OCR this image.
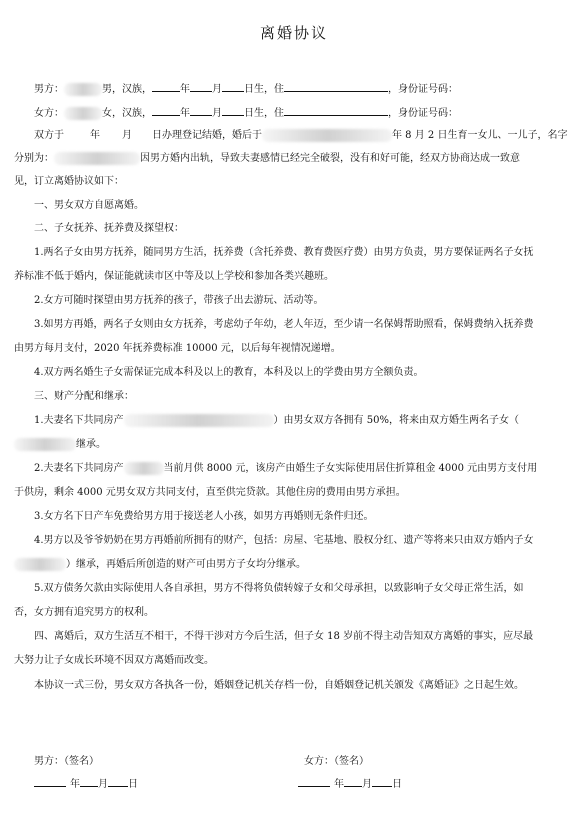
离婚协议
男方：	男，汉族，	年 月 日生，住	，身份证号码：
女方：	女，汉族，	年 月 日生，住	，身份证号码：
双方于	年 月 日办理登记结婚，婚后于	年 8 月 2 日生育一女儿、一儿子，名字
分别为：	因男方婚内出轨，导致夫妻感情已经完全破裂，没有和好可能，经双方协商达成一致意
见，订立离婚协议如下：
一、男女双方自愿离婚。
二、子女抚养、抚养费及探望权：
1.两名子女由男方抚养，随同男方生活，抚养费（含托养费、教育费医疗费）由男方负责，男方要保证两名子女抚
养标准不低于婚内，保证能就读市区中等及以上学校和参加各类兴趣班。
2.女方可随时探望由男方抚养的孩子，带孩子出去游玩、活动等。
3.如男方再婚，两名子女则由女方抚养，考虑幼子年幼，老人年迈，至少请一名保姆帮助照看，保姆费纳入抚养费
由男方每月支付，2020 年抚养费标准 10000 元，以后每年视情况递增。
4.双方两名婚生子女需保证完成本科及以上的教育，本科及以上的学费由男方全额负责。
三、财产分配和继承：
1.夫妻名下共同房产	）由男女双方各拥有 50%，将来由双方婚生两名子女（
继承。
2.夫妻名下共同房产	当前月供 8000 元，该房产由婚生子女实际使用居住折算租金 4000 元由男方支付用
于供房，剩余 4000 元男女双方共同支付，直至供完贷款。其他住房的费用由男方承担。
3.女方名下日产车免费给男方用于接送老人小孩，如男方再婚则无条件归还。
4.男方以及爷爷奶奶在男方再婚前所拥有的财产，包括：房屋、宅基地、股权分红、遗产等将来只由双方婚内子女
）继承，再婚后所创造的财产可由男方子女均分继承。
5.双方债务欠款由实际使用人各自承担，男方不得将负债转嫁子女和父母承担，以致影响子女父母正常生活，如
否，女方拥有追究男方的权利。
四、离婚后，双方生活互不相干，不得干涉对方今后生活，但子女 18 岁前不得主动告知双方离婚的事实，应尽最
大努力让子女成长环境不因双方离婚而改变。
本协议一式三份，男女双方各执各一份，婚姻登记机关存档一份，自婚姻登记机关颁发《离婚证》之日起生效。
男方：（签名）	女方：（签名）
年 月 日	年 月 日
